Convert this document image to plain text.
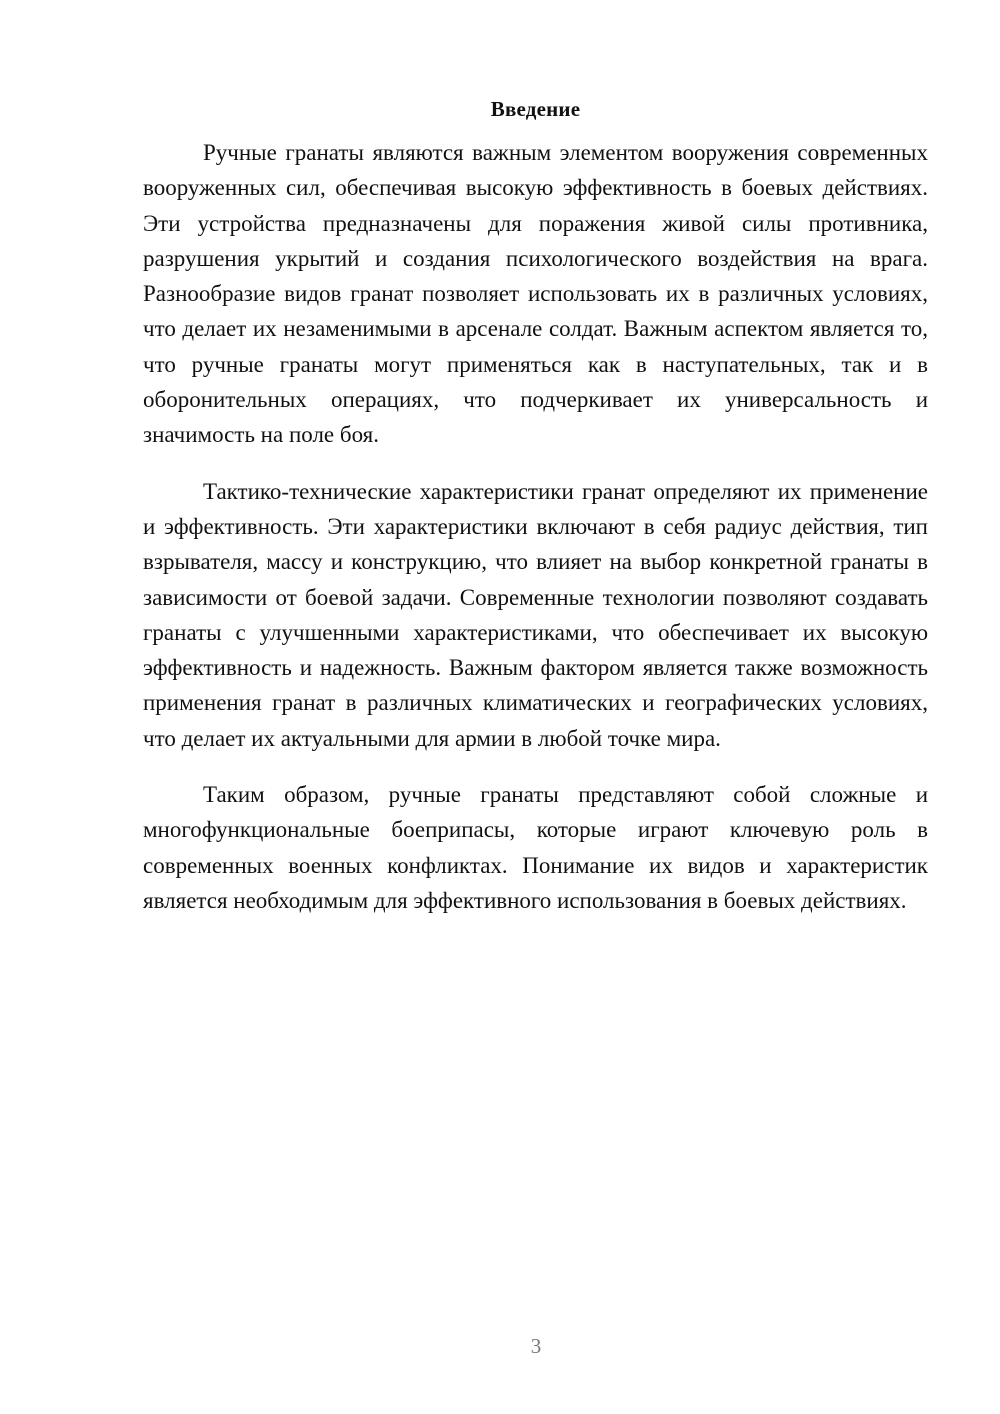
Введение

Ручные гранаты являются важным элементом вооружения современных вооруженных сил, обеспечивая высокую эффективность в боевых действиях. Эти устройства предназначены для поражения живой силы противника, разрушения укрытий и создания психологического воздействия на врага. Разнообразие видов гранат позволяет использовать их в различных условиях, что делает их незаменимыми в арсенале солдат. Важным аспектом является то, что ручные гранаты могут применяться как в наступательных, так и в оборонительных операциях, что подчеркивает их универсальность и значимость на поле боя.

Тактико-технические характеристики гранат определяют их применение и эффективность. Эти характеристики включают в себя радиус действия, тип взрывателя, массу и конструкцию, что влияет на выбор конкретной гранаты в зависимости от боевой задачи. Современные технологии позволяют создавать гранаты с улучшенными характеристиками, что обеспечивает их высокую эффективность и надежность. Важным фактором является также возможность применения гранат в различных климатических и географических условиях, что делает их актуальными для армии в любой точке мира.

Таким образом, ручные гранаты представляют собой сложные и многофункциональные боеприпасы, которые играют ключевую роль в современных военных конфликтах. Понимание их видов и характеристик является необходимым для эффективного использования в боевых действиях.

3
